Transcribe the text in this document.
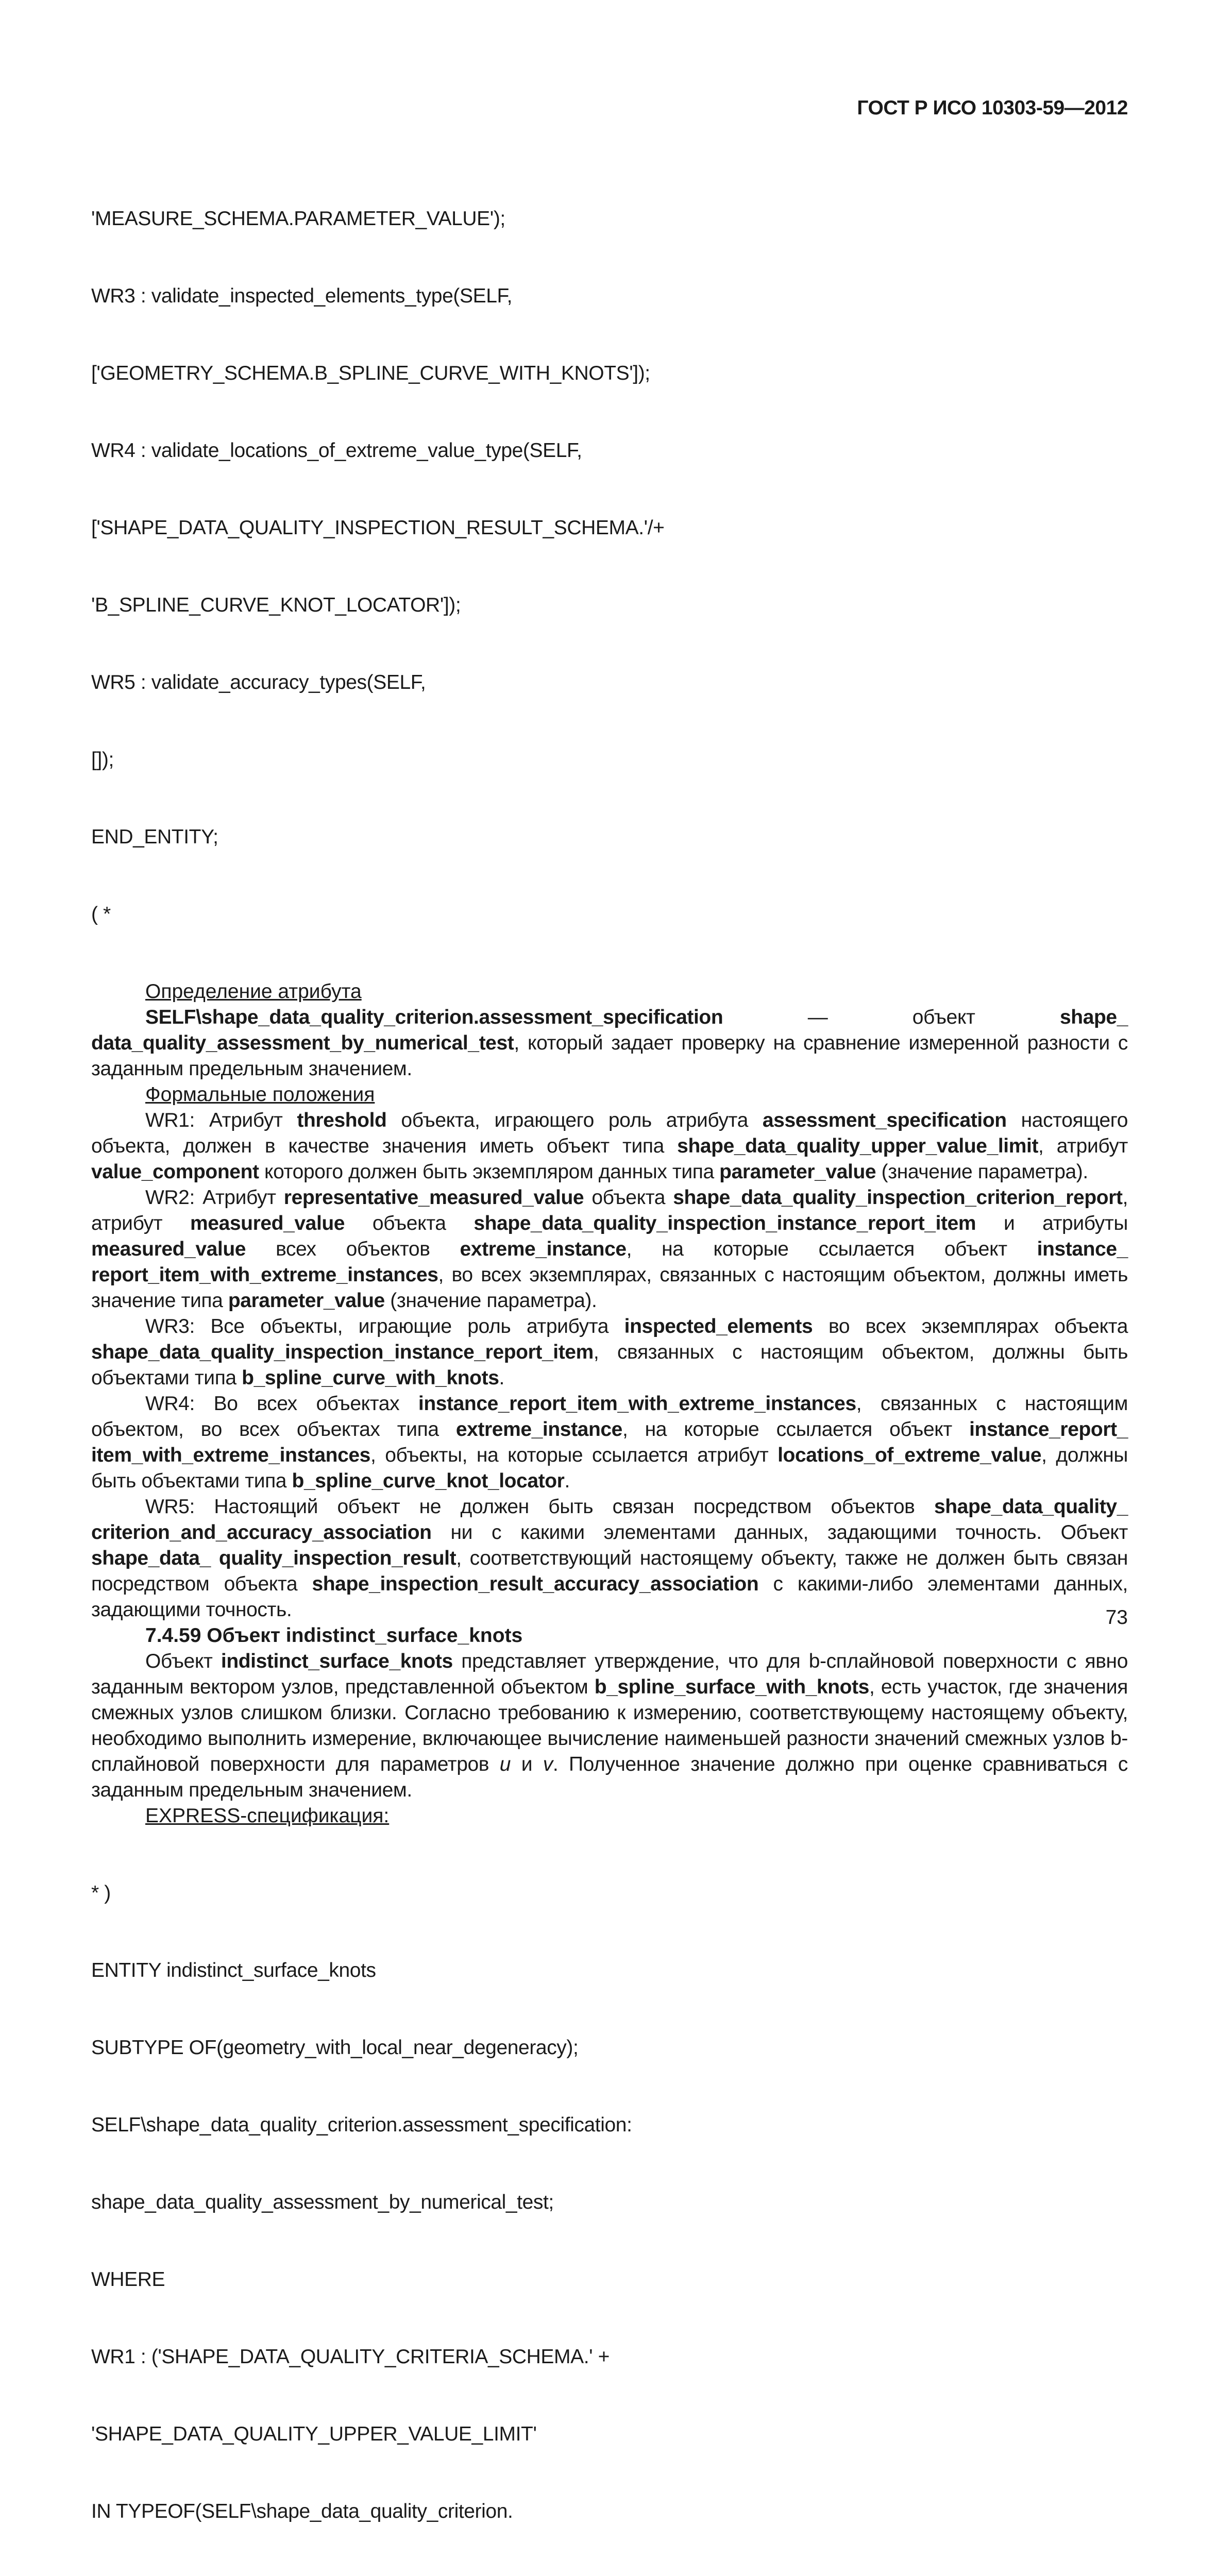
ГОСТ Р ИСО 10303-59—2012

'MEASURE_SCHEMA.PARAMETER_VALUE');

WR3 : validate_inspected_elements_type(SELF,

['GEOMETRY_SCHEMA.B_SPLINE_CURVE_WITH_KNOTS']);

WR4 : validate_locations_of_extreme_value_type(SELF,

['SHAPE_DATA_QUALITY_INSPECTION_RESULT_SCHEMA.'/+

'B_SPLINE_CURVE_KNOT_LOCATOR']);

WR5 : validate_accuracy_types(SELF,

[]);

END_ENTITY;

( *

Определение атрибута

SELF\shape_data_quality_criterion.assessment_specification — объект shape_ data_quality_assessment_by_numerical_test, который задает проверку на сравнение измеренной разности с заданным предельным значением.

Формальные положения

WR1: Атрибут threshold объекта, играющего роль атрибута assessment_specification настоящего объекта, должен в качестве значения иметь объект типа shape_data_quality_upper_value_limit, атрибут value_component которого должен быть экземпляром данных типа parameter_value (значение параметра).

WR2: Атрибут representative_measured_value объекта shape_data_quality_inspection_criterion_report, атрибут measured_value объекта shape_data_quality_inspection_instance_report_item и атрибуты measured_value всех объектов extreme_instance, на которые ссылается объект instance_ report_item_with_extreme_instances, во всех экземплярах, связанных с настоящим объектом, должны иметь значение типа parameter_value (значение параметра).

WR3: Все объекты, играющие роль атрибута inspected_elements во всех экземплярах объекта shape_data_quality_inspection_instance_report_item, связанных с настоящим объектом, должны быть объектами типа b_spline_curve_with_knots.

WR4: Во всех объектах instance_report_item_with_extreme_instances, связанных с настоящим объектом, во всех объектах типа extreme_instance, на которые ссылается объект instance_report_ item_with_extreme_instances, объекты, на которые ссылается атрибут locations_of_extreme_value, должны быть объектами типа b_spline_curve_knot_locator.

WR5: Настоящий объект не должен быть связан посредством объектов shape_data_quality_ criterion_and_accuracy_association ни с какими элементами данных, задающими точность. Объект shape_data_ quality_inspection_result, соответствующий настоящему объекту, также не должен быть связан посредством объекта shape_inspection_result_accuracy_association с какими-либо элементами данных, задающими точность.

7.4.59 Объект indistinct_surface_knots

Объект indistinct_surface_knots представляет утверждение, что для b-сплайновой поверхности с явно заданным вектором узлов, представленной объектом b_spline_surface_with_knots, есть участок, где значения смежных узлов слишком близки. Согласно требованию к измерению, соответствующему настоящему объекту, необходимо выполнить измерение, включающее вычисление наименьшей разности значений смежных узлов b-сплайновой поверхности для параметров u и v. Полученное значение должно при оценке сравниваться с заданным предельным значением.

EXPRESS-спецификация:

* )

ENTITY indistinct_surface_knots

SUBTYPE OF(geometry_with_local_near_degeneracy);

SELF\shape_data_quality_criterion.assessment_specification:

shape_data_quality_assessment_by_numerical_test;

WHERE

WR1 : ('SHAPE_DATA_QUALITY_CRITERIA_SCHEMA.' +

'SHAPE_DATA_QUALITY_UPPER_VALUE_LIMIT'

IN TYPEOF(SELF\shape_data_quality_criterion.

73
